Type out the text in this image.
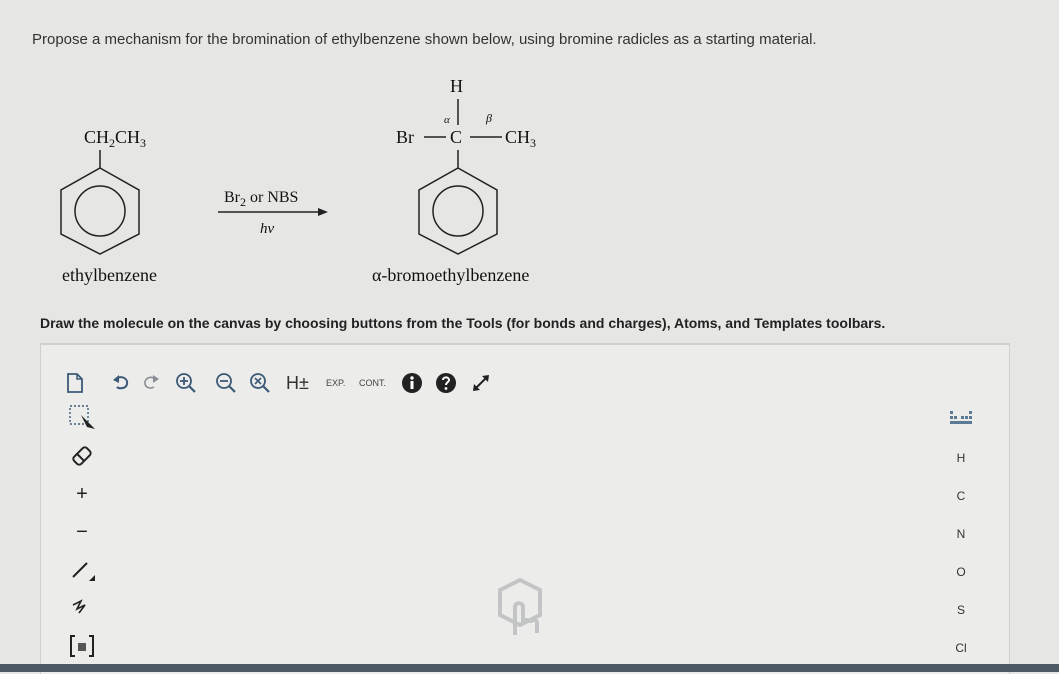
Propose a mechanism for the bromination of ethylbenzene shown below, using bromine radicles as a starting material.
$CH_2CH_3$
ethylbenzene
$Br_2$ or NBS
hv
H
Br C $CH_3$
α	β
α-bromoethylbenzene
Draw the molecule on the canvas by choosing buttons from the Tools (for bonds and charges), Atoms, and Templates toolbars.
H±	EXP.	CONT.
+
−
H
C
N
O
S
Cl
